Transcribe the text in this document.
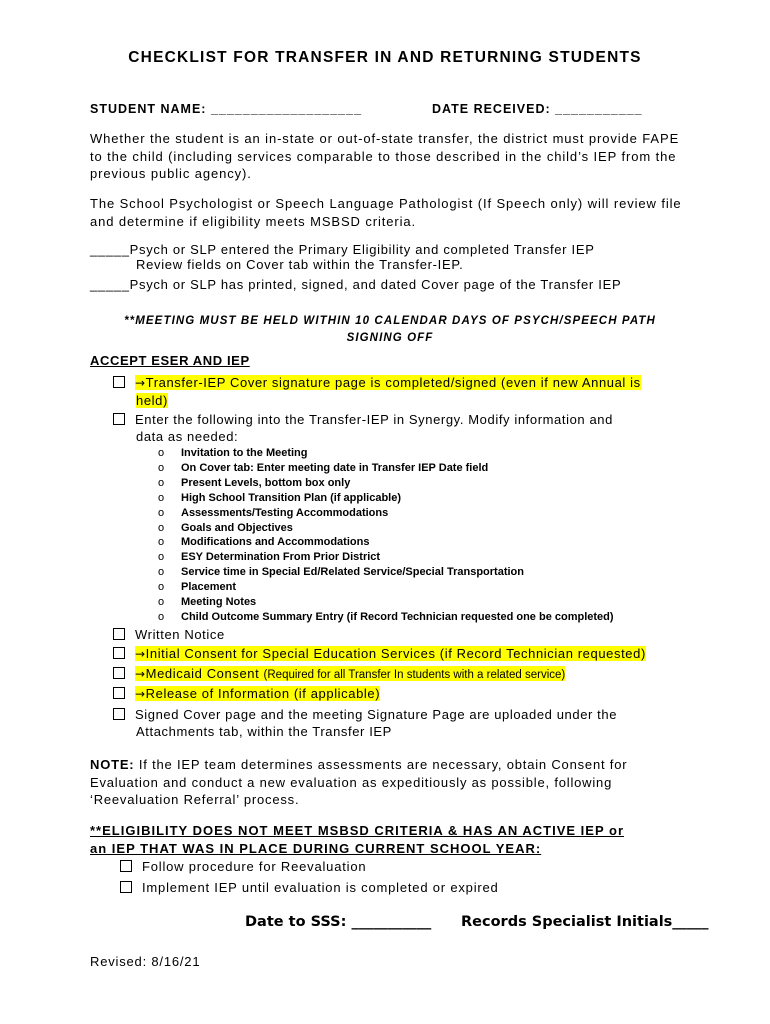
CHECKLIST FOR TRANSFER IN AND RETURNING STUDENTS
STUDENT NAME: ___________________	DATE RECEIVED: ___________
Whether the student is an in-state or out-of-state transfer, the district must provide FAPE to the child (including services comparable to those described in the child’s IEP from the previous public agency).
The School Psychologist or Speech Language Pathologist (If Speech only) will review file and determine if eligibility meets MSBSD criteria.
_____Psych or SLP entered the Primary Eligibility and completed Transfer IEP
Review fields on Cover tab within the Transfer-IEP.
_____Psych or SLP has printed, signed, and dated Cover page of the Transfer IEP
**MEETING MUST BE HELD WITHIN 10 CALENDAR DAYS OF PSYCH/SPEECH PATH
SIGNING OFF
ACCEPT ESER AND IEP
→Transfer-IEP Cover signature page is completed/signed (even if new Annual is
held)
Enter the following into the Transfer-IEP in Synergy. Modify information and
data as needed:
o Invitation to the Meeting
o On Cover tab: Enter meeting date in Transfer IEP Date field
o Present Levels, bottom box only
o High School Transition Plan (if applicable)
o Assessments/Testing Accommodations
o Goals and Objectives
o Modifications and Accommodations
o ESY Determination From Prior District
o Service time in Special Ed/Related Service/Special Transportation
o Placement
o Meeting Notes
o Child Outcome Summary Entry (if Record Technician requested one be completed)
Written Notice
→Initial Consent for Special Education Services (if Record Technician requested)
→Medicaid Consent (Required for all Transfer In students with a related service)
→Release of Information (if applicable)
Signed Cover page and the meeting Signature Page are uploaded under the
Attachments tab, within the Transfer IEP
NOTE: If the IEP team determines assessments are necessary, obtain Consent for Evaluation and conduct a new evaluation as expeditiously as possible, following ‘Reevaluation Referral’ process.
**ELIGIBILITY DOES NOT MEET MSBSD CRITERIA & HAS AN ACTIVE IEP or
an IEP THAT WAS IN PLACE DURING CURRENT SCHOOL YEAR:
Follow procedure for Reevaluation
Implement IEP until evaluation is completed or expired
Date to SSS: ___________ Records Specialist Initials_____
Revised: 8/16/21
